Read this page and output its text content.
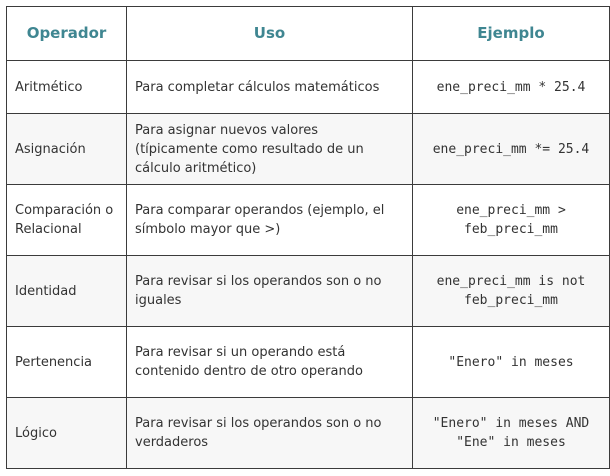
Operador	Uso	Ejemplo
Aritmético	Para completar cálculos matemáticos	ene_preci_mm * 25.4

Asignación	Para asignar nuevos valores (típicamente como resultado de un cálculo aritmético)	ene_preci_mm *= 25.4

Comparación o Relacional	Para comparar operandos (ejemplo, el símbolo mayor que >)	ene_preci_mm > feb_preci_mm

Identidad	Para revisar si los operandos son o no iguales	ene_preci_mm is not feb_preci_mm

Pertenencia	Para revisar si un operando está contenido dentro de otro operando	"Enero" in meses

Lógico	Para revisar si los operandos son o no verdaderos	"Enero" in meses AND "Ene" in meses
